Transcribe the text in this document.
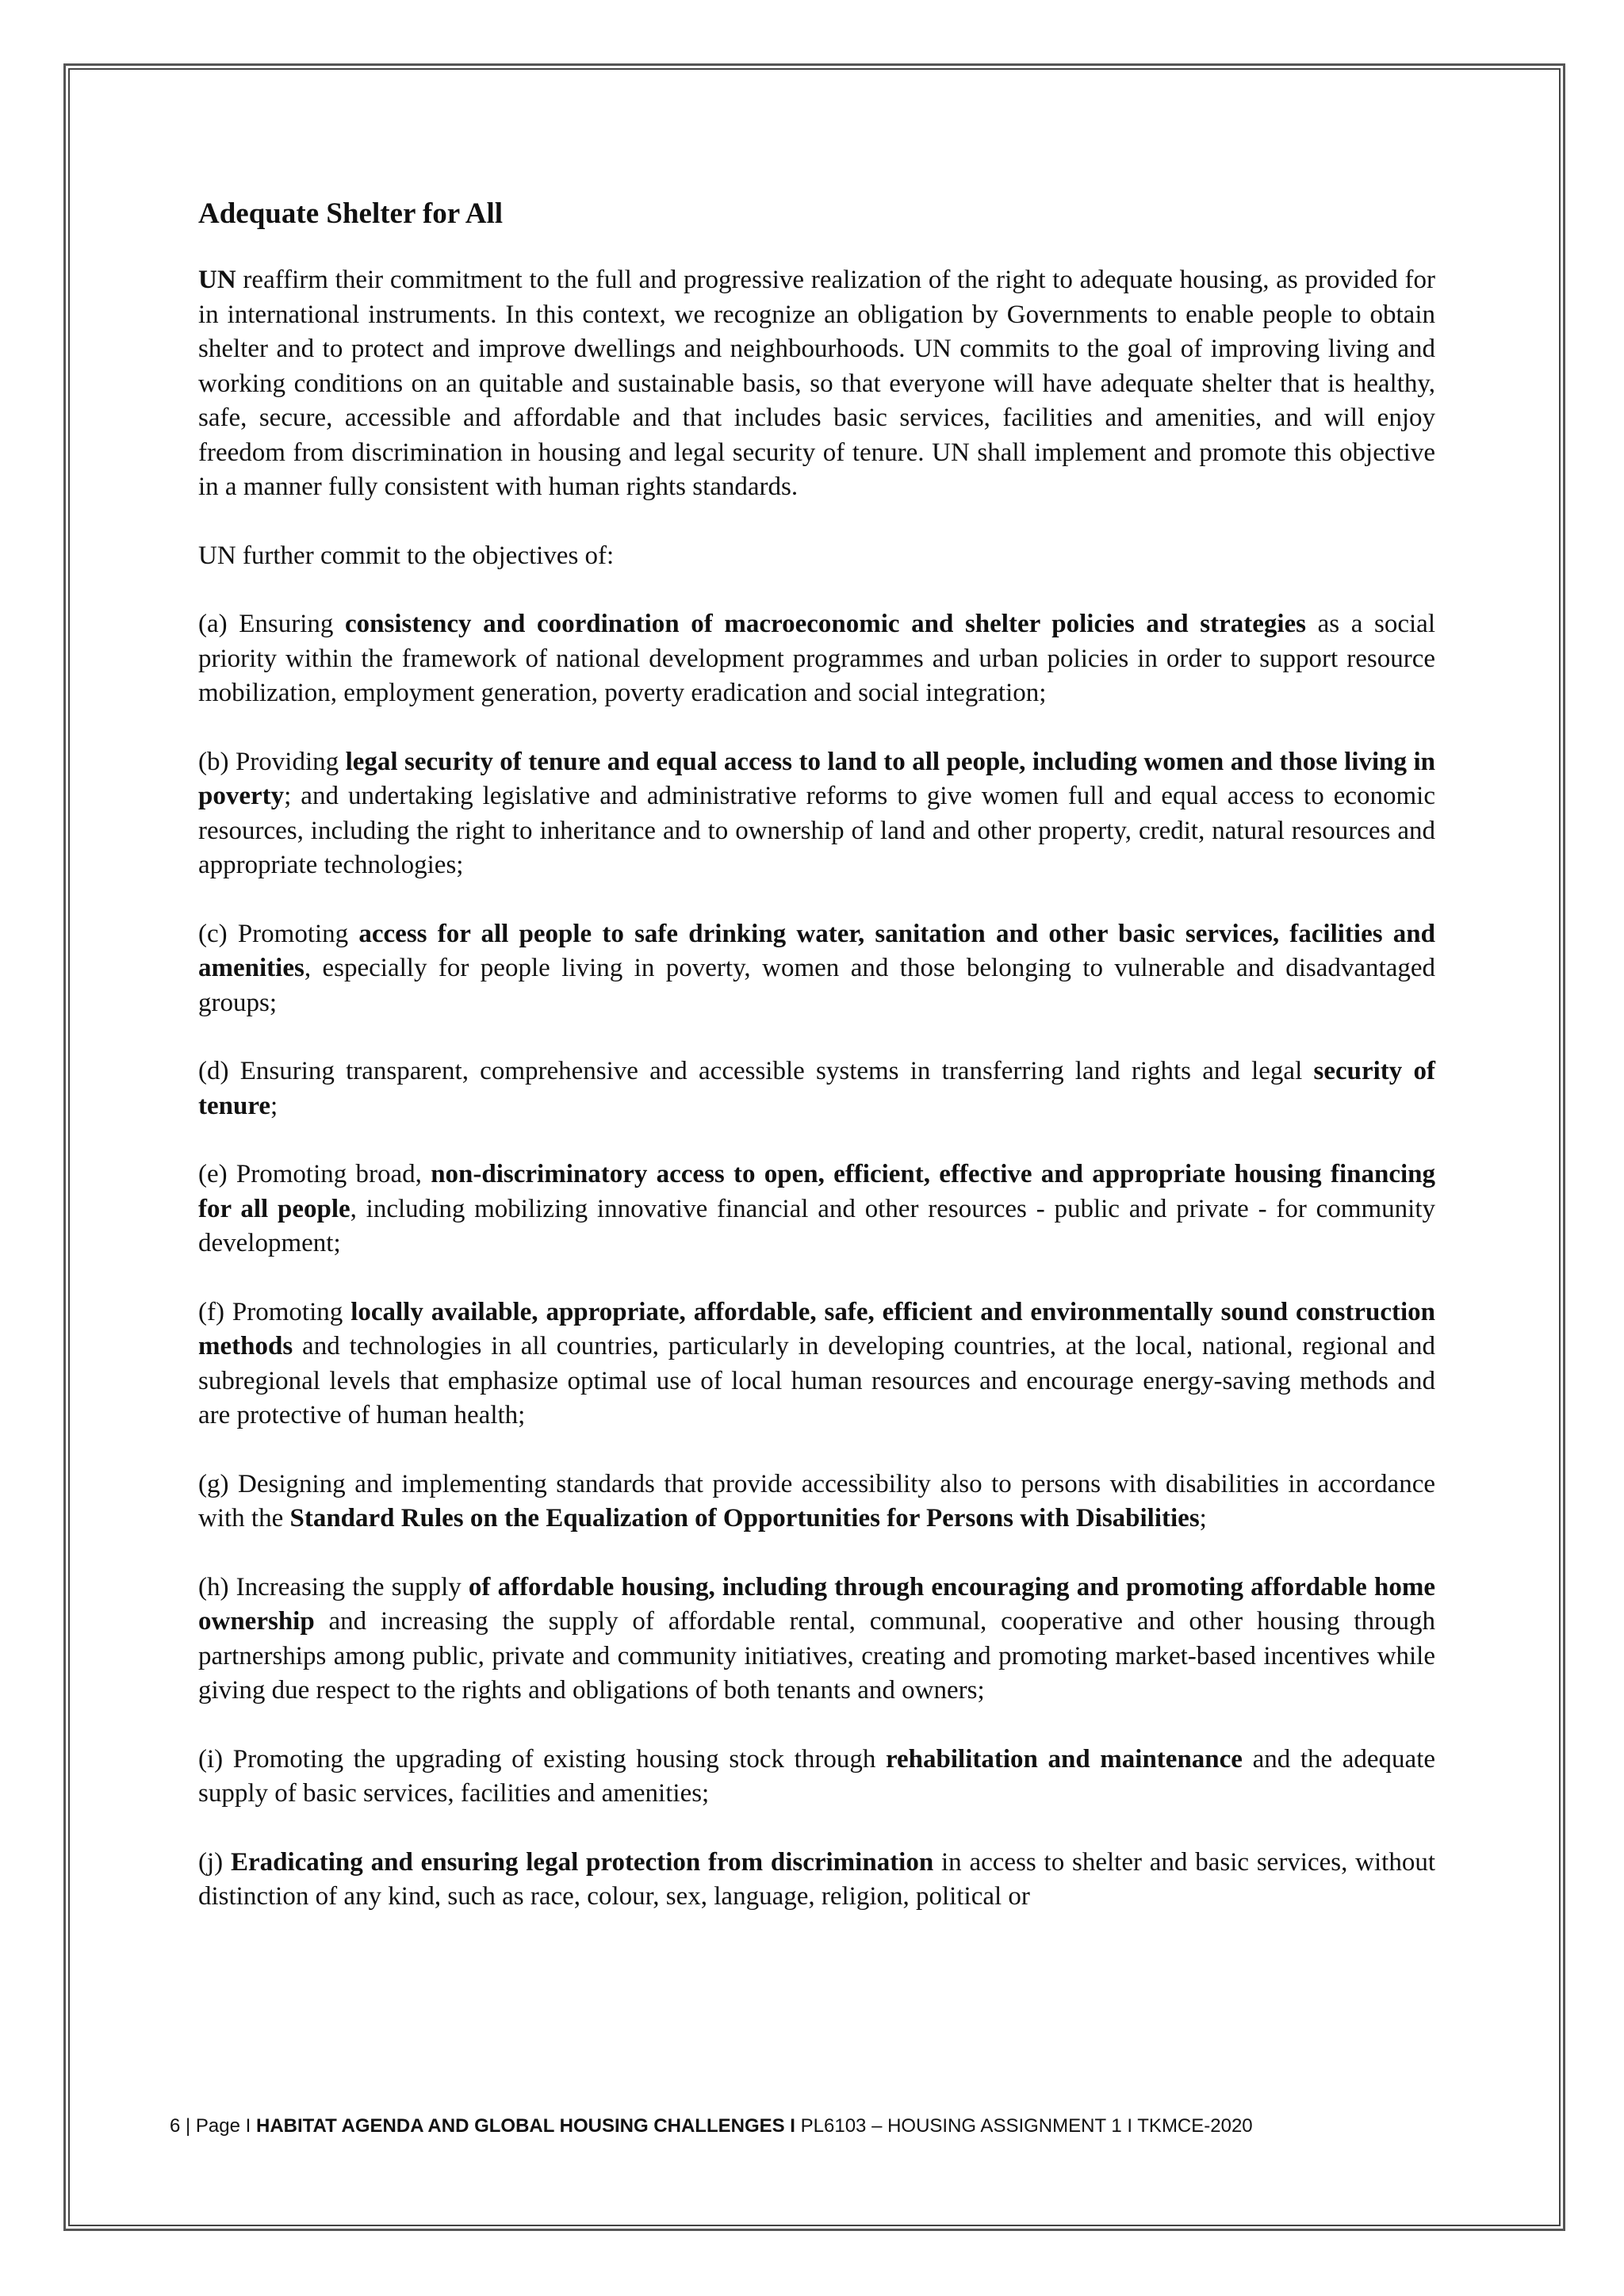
Adequate Shelter for All

UN reaffirm their commitment to the full and progressive realization of the right to adequate housing, as provided for in international instruments. In this context, we recognize an obligation by Governments to enable people to obtain shelter and to protect and improve dwellings and neighbourhoods. UN commits to the goal of improving living and working conditions on an quitable and sustainable basis, so that everyone will have adequate shelter that is healthy, safe, secure, accessible and affordable and that includes basic services, facilities and amenities, and will enjoy freedom from discrimination in housing and legal security of tenure. UN shall implement and promote this objective in a manner fully consistent with human rights standards.

UN further commit to the objectives of:

(a) Ensuring consistency and coordination of macroeconomic and shelter policies and strategies as a social priority within the framework of national development programmes and urban policies in order to support resource mobilization, employment generation, poverty eradication and social integration;

(b) Providing legal security of tenure and equal access to land to all people, including women and those living in poverty; and undertaking legislative and administrative reforms to give women full and equal access to economic resources, including the right to inheritance and to ownership of land and other property, credit, natural resources and appropriate technologies;

(c) Promoting access for all people to safe drinking water, sanitation and other basic services, facilities and amenities, especially for people living in poverty, women and those belonging to vulnerable and disadvantaged groups;

(d) Ensuring transparent, comprehensive and accessible systems in transferring land rights and legal security of tenure;

(e) Promoting broad, non-discriminatory access to open, efficient, effective and appropriate housing financing for all people, including mobilizing innovative financial and other resources - public and private - for community development;

(f) Promoting locally available, appropriate, affordable, safe, efficient and environmentally sound construction methods and technologies in all countries, particularly in developing countries, at the local, national, regional and subregional levels that emphasize optimal use of local human resources and encourage energy-saving methods and are protective of human health;

(g) Designing and implementing standards that provide accessibility also to persons with disabilities in accordance with the Standard Rules on the Equalization of Opportunities for Persons with Disabilities;

(h) Increasing the supply of affordable housing, including through encouraging and promoting affordable home ownership and increasing the supply of affordable rental, communal, cooperative and other housing through partnerships among public, private and community initiatives, creating and promoting market-based incentives while giving due respect to the rights and obligations of both tenants and owners;

(i) Promoting the upgrading of existing housing stock through rehabilitation and maintenance and the adequate supply of basic services, facilities and amenities;

(j) Eradicating and ensuring legal protection from discrimination in access to shelter and basic services, without distinction of any kind, such as race, colour, sex, language, religion, political or

6 | Page I HABITAT AGENDA AND GLOBAL HOUSING CHALLENGES I PL6103 – HOUSING ASSIGNMENT 1 I TKMCE-2020
